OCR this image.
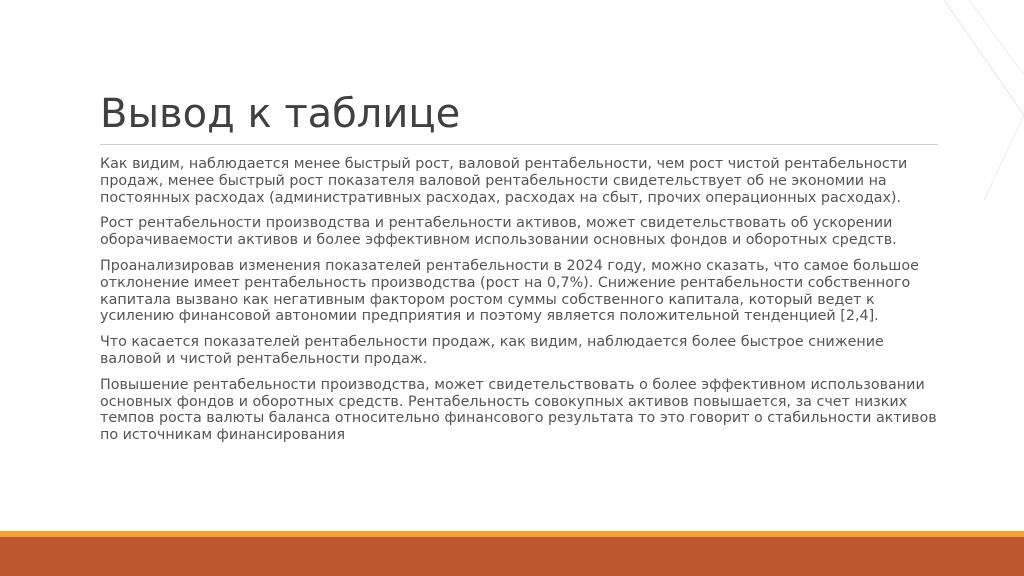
Вывод к таблице

Как видим, наблюдается менее быстрый рост, валовой рентабельности, чем рост чистой рентабельности продаж, менее быстрый рост показателя валовой рентабельности свидетельствует об не экономии на постоянных расходах (административных расходах, расходах на сбыт, прочих операционных расходах).

Рост рентабельности производства и рентабельности активов, может свидетельствовать об ускорении оборачиваемости активов и более эффективном использовании основных фондов и оборотных средств.

Проанализировав изменения показателей рентабельности в 2024 году, можно сказать, что самое большое отклонение имеет рентабельность производства (рост на 0,7%). Снижение рентабельности собственного капитала вызвано как негативным фактором ростом суммы собственного капитала, который ведет к усилению финансовой автономии предприятия и поэтому является положительной тенденцией [2,4].

Что касается показателей рентабельности продаж, как видим, наблюдается более быстрое снижение валовой и чистой рентабельности продаж.

Повышение рентабельности производства, может свидетельствовать о более эффективном использовании основных фондов и оборотных средств. Рентабельность совокупных активов повышается, за счет низких темпов роста валюты баланса относительно финансового результата то это говорит о стабильности активов по источникам финансирования
